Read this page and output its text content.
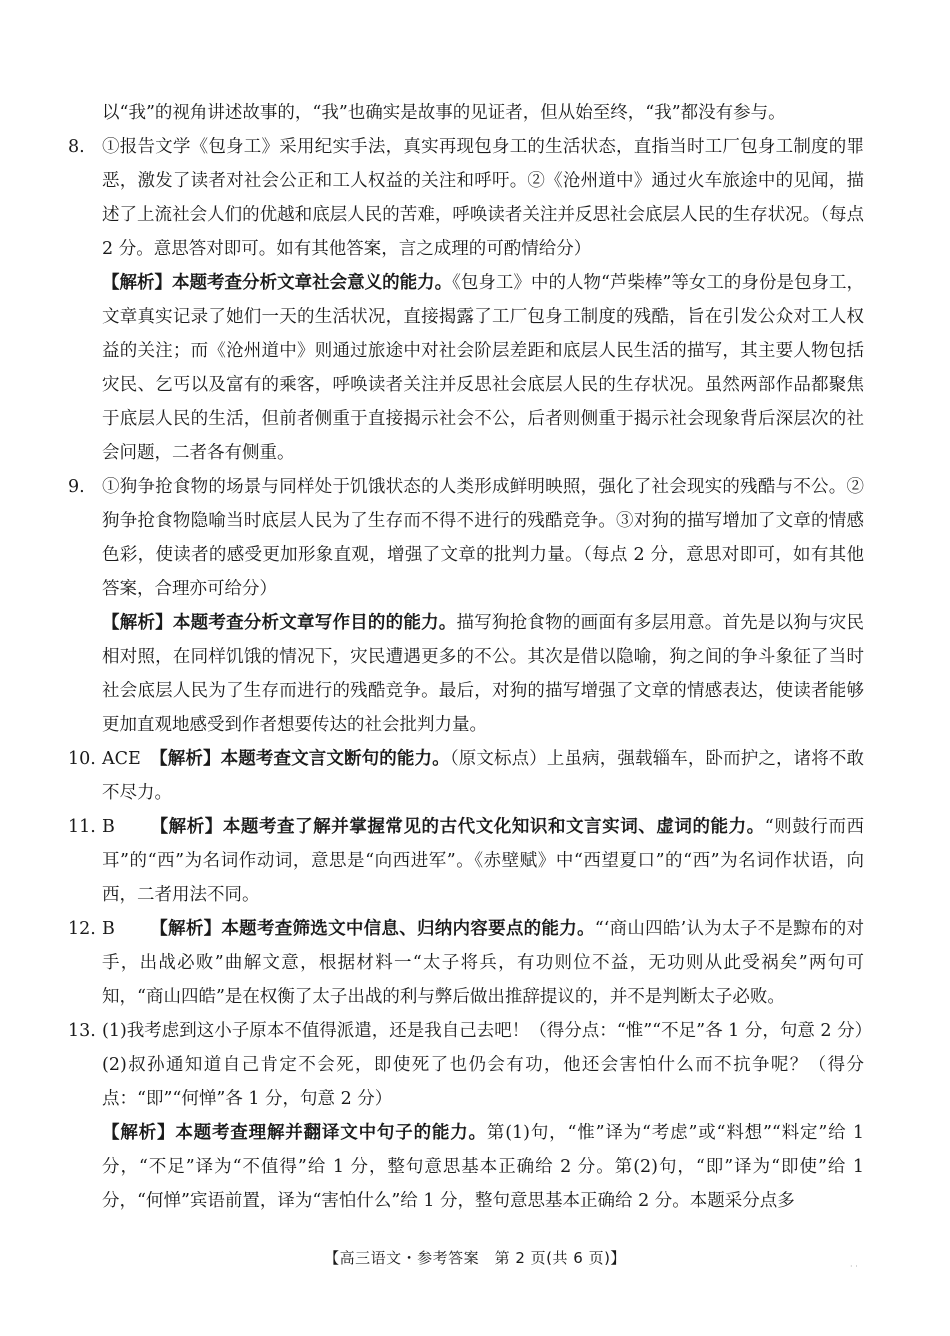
以“我”的视角讲述故事的，“我”也确实是故事的见证者，但从始至终，“我”都没有参与。

8. ①报告文学《包身工》采用纪实手法，真实再现包身工的生活状态，直指当时工厂包身工制度的罪恶，激发了读者对社会公正和工人权益的关注和呼吁。②《沧州道中》通过火车旅途中的见闻，描述了上流社会人们的优越和底层人民的苦难，呼唤读者关注并反思社会底层人民的生存状况。（每点 2 分。意思答对即可。如有其他答案，言之成理的可酌情给分）

【解析】本题考查分析文章社会意义的能力。《包身工》中的人物“芦柴棒”等女工的身份是包身工，文章真实记录了她们一天的生活状况，直接揭露了工厂包身工制度的残酷，旨在引发公众对工人权益的关注；而《沧州道中》则通过旅途中对社会阶层差距和底层人民生活的描写，其主要人物包括灾民、乞丐以及富有的乘客，呼唤读者关注并反思社会底层人民的生存状况。虽然两部作品都聚焦于底层人民的生活，但前者侧重于直接揭示社会不公，后者则侧重于揭示社会现象背后深层次的社会问题，二者各有侧重。

9. ①狗争抢食物的场景与同样处于饥饿状态的人类形成鲜明映照，强化了社会现实的残酷与不公。②狗争抢食物隐喻当时底层人民为了生存而不得不进行的残酷竞争。③对狗的描写增加了文章的情感色彩，使读者的感受更加形象直观，增强了文章的批判力量。（每点 2 分，意思对即可，如有其他答案，合理亦可给分）

【解析】本题考查分析文章写作目的的能力。描写狗抢食物的画面有多层用意。首先是以狗与灾民相对照，在同样饥饿的情况下，灾民遭遇更多的不公。其次是借以隐喻，狗之间的争斗象征了当时社会底层人民为了生存而进行的残酷竞争。最后，对狗的描写增强了文章的情感表达，使读者能够更加直观地感受到作者想要传达的社会批判力量。

10. ACE 【解析】本题考查文言文断句的能力。（原文标点）上虽病，强载辎车，卧而护之，诸将不敢不尽力。

11. B 【解析】本题考查了解并掌握常见的古代文化知识和文言实词、虚词的能力。“则鼓行而西耳”的“西”为名词作动词，意思是“向西进军”。《赤壁赋》中“西望夏口”的“西”为名词作状语，向西，二者用法不同。

12. B 【解析】本题考查筛选文中信息、归纳内容要点的能力。“‘商山四皓’认为太子不是黥布的对手，出战必败”曲解文意，根据材料一“太子将兵，有功则位不益，无功则从此受祸矣”两句可知，“商山四皓”是在权衡了太子出战的利与弊后做出推辞提议的，并不是判断太子必败。

13. (1)我考虑到这小子原本不值得派遣，还是我自己去吧！（得分点：“惟”“不足”各 1 分，句意 2 分）

(2)叔孙通知道自己肯定不会死，即使死了也仍会有功，他还会害怕什么而不抗争呢？（得分点：“即”“何惮”各 1 分，句意 2 分）

【解析】本题考查理解并翻译文中句子的能力。第(1)句，“惟”译为“考虑”或“料想”“料定”给 1 分，“不足”译为“不值得”给 1 分，整句意思基本正确给 2 分。第(2)句，“即”译为“即使”给 1 分，“何惮”宾语前置，译为“害怕什么”给 1 分，整句意思基本正确给 2 分。本题采分点多

【高三语文・参考答案　第 2 页(共 6 页)】	· ·
